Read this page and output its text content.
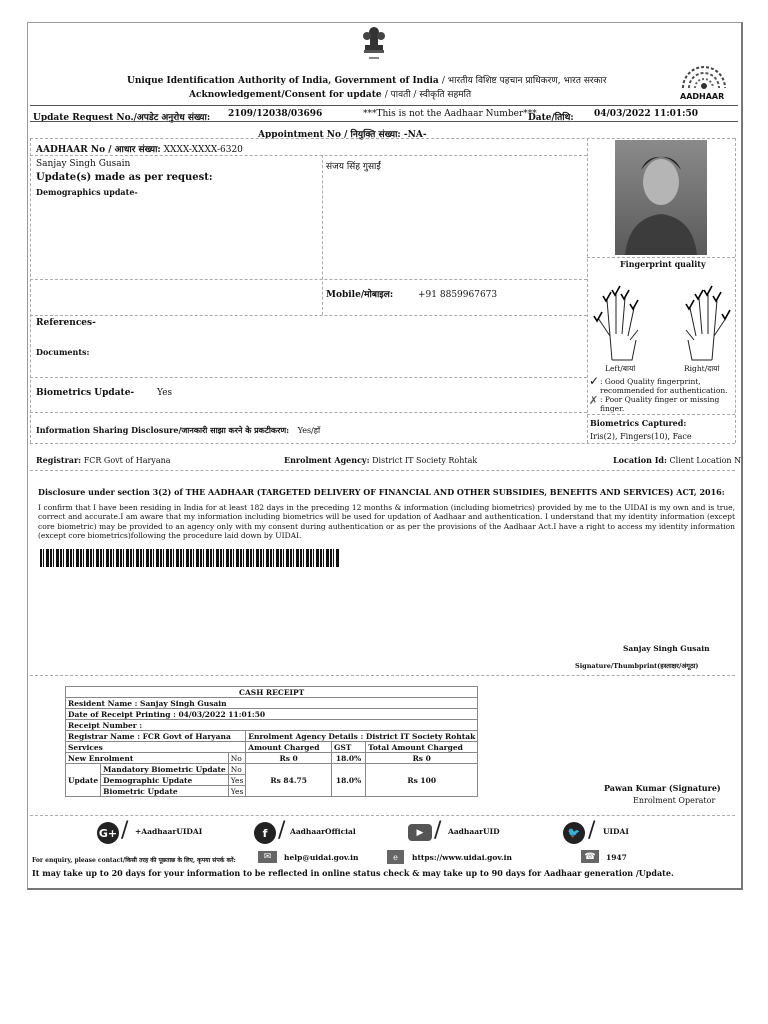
Unique Identification Authority of India, Government of India / भारतीय विशिष्ट पहचान प्राधिकरण, भारत सरकार
Acknowledgement/Consent for update / पावती / स्वीकृति सहमति	AADHAAR
Update Request No./अपडेट अनुरोध संख्या: 2109/12038/03696	***This is not the Aadhaar Number***
Date/तिथि: 04/03/2022 11:01:50
Appointment No / नियुक्ति संख्या: -NA-
AADHAAR No / आधार संख्या: XXXX-XXXX-6320
Sanjay Singh Gusain	संजय सिंह गुसाईं
Update(s) made as per request:
Demographics update-
Mobile/मोबाइल:	+91 8859967673
References-
Documents:
Biometrics Update-	Yes
Information Sharing Disclosure/जानकारी साझा करने के प्रकटीकरण: Yes/हाँ
Fingerprint quality
Left/बायां	Right/दायां
✓ : Good Quality fingerprint, recommended for authentication.
✗ : Poor Quality finger or missing finger.
Biometrics Captured:
Iris(2), Fingers(10), Face
Registrar: FCR Govt of Haryana	Enrolment Agency: District IT Society Rohtak	Location Id: Client Location N
Disclosure under section 3(2) of THE AADHAAR (TARGETED DELIVERY OF FINANCIAL AND OTHER SUBSIDIES, BENEFITS AND SERVICES) ACT, 2016:
I confirm that I have been residing in India for at least 182 days in the preceding 12 months & information (including biometrics) provided by me to the UIDAI is my own and is true, correct and accurate.I am aware that my information including biometrics will be used for updation of Aadhaar and authentication. I understand that my identity information (except core biometric) may be provided to an agency only with my consent during authentication or as per the provisions of the Aadhaar Act.I have a right to access my identity information (except core biometrics)following the procedure laid down by UIDAI.
Sanjay Singh Gusain
Signature/Thumbprint(हस्ताक्षर/अंगूठा)
CASH RECEIPT					
Resident Name : Sanjay Singh Gusain					
Date of Receipt Printing : 04/03/2022 11:01:50					
Receipt Number :					
Registrar Name : FCR Govt of Haryana			Enrolment Agency Details : District IT Society Rohtak		
Services			Amount Charged	GST	Total Amount Charged
New Enrolment		No	Rs 0	18.0%	Rs 0
Update	Mandatory Biometric Update	No	Rs 84.75	18.0%	Rs 100
	Demographic Update	Yes			
	Biometric Update	Yes				Pawan Kumar (Signature)
Enrolment Operator
G+ / +AadhaarUIDAI	f / AadhaarOfficial	▶ / AadhaarUID	🐦 / UIDAI
For enquiry, please contact/किसी तरह की पूछताछ के लिए, कृपया संपर्क करें:	✉	help@uidai.gov.in	e	https://www.uidai.gov.in	☎	1947
It may take up to 20 days for your information to be reflected in online status check & may take up to 90 days for Aadhaar generation /Update.
